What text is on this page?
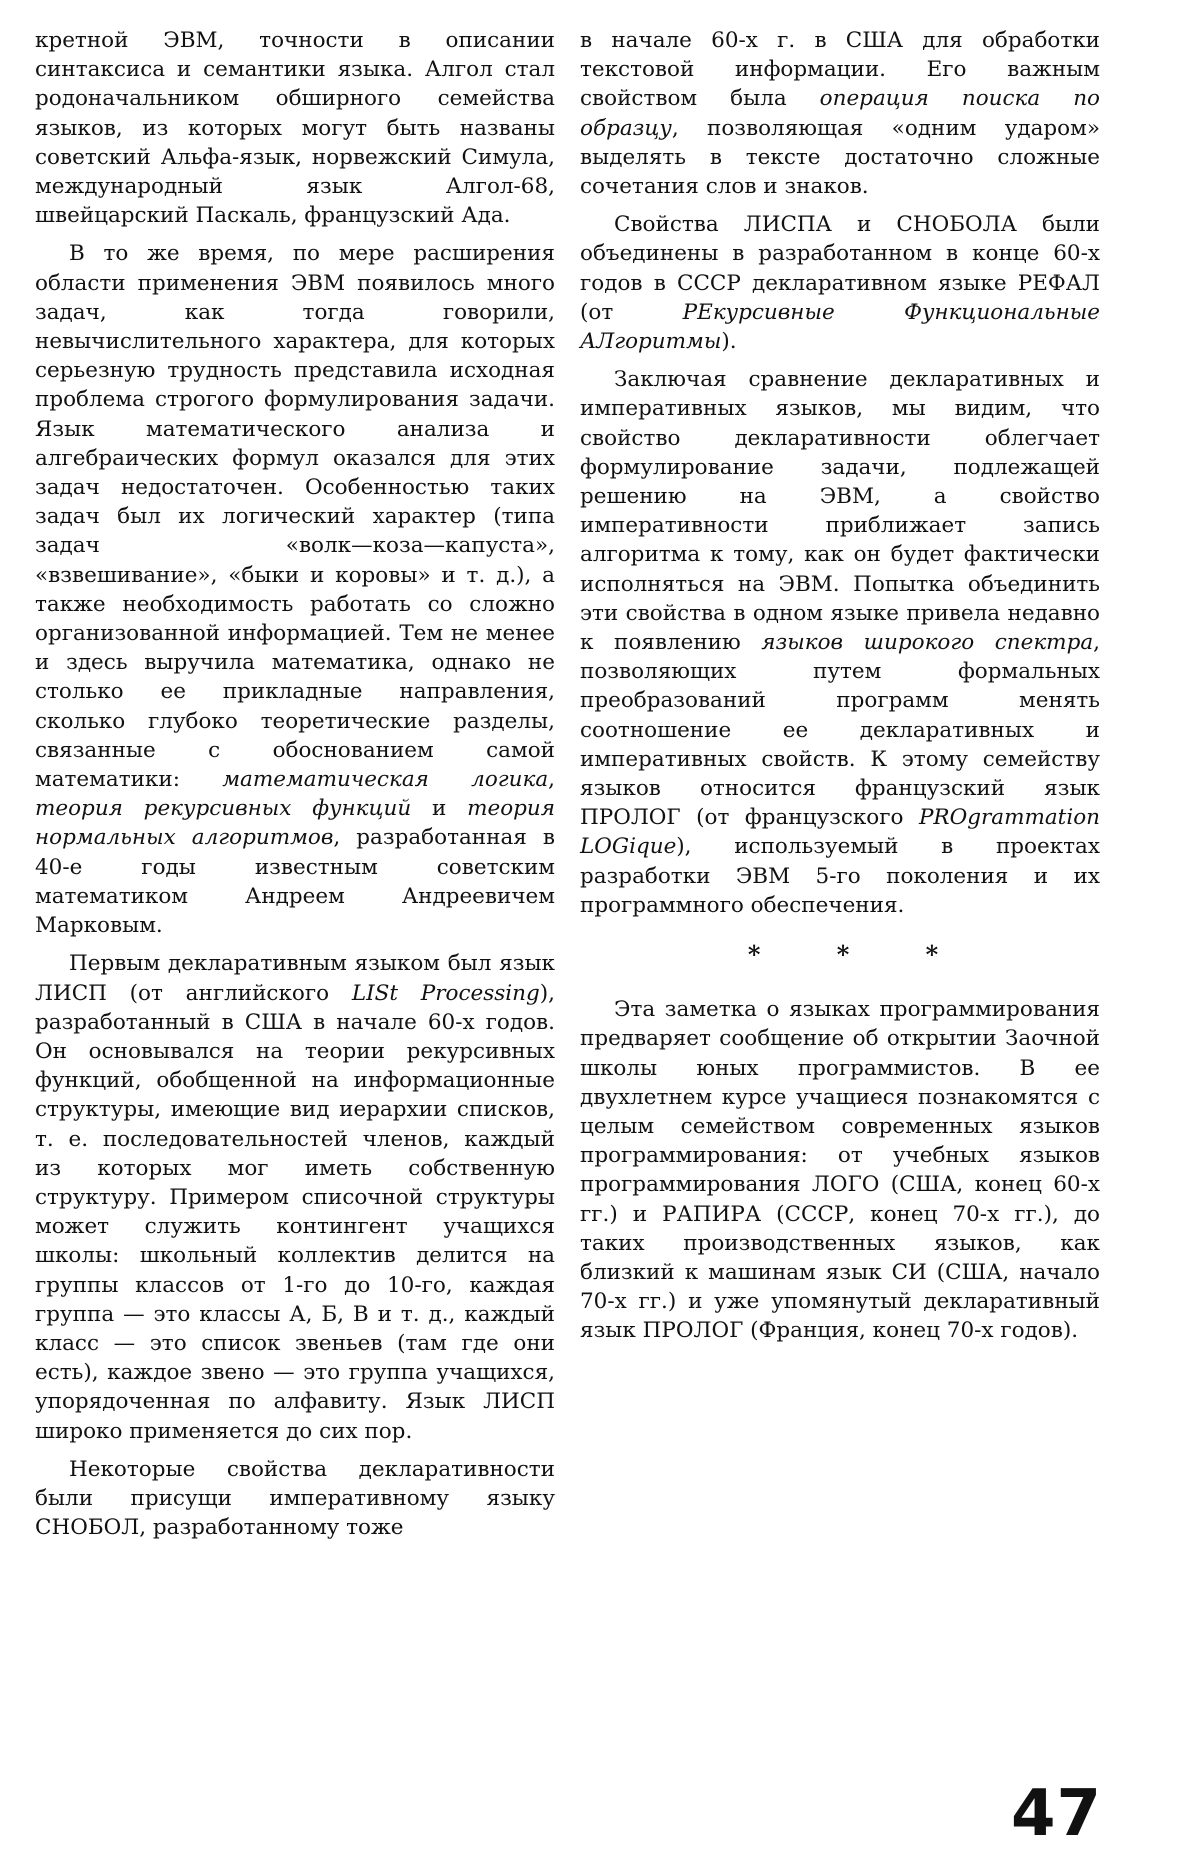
кретной ЭВМ, точности в описании синтаксиса и семантики языка. Алгол стал родоначальником обширного семейства языков, из которых могут быть названы советский Альфа-язык, норвежский Симула, международный язык Алгол-68, швейцарский Паскаль, французский Ада.

В то же время, по мере расширения области применения ЭВМ появилось много задач, как тогда говорили, невычислительного характера, для которых серьезную трудность представила исходная проблема строгого формулирования задачи. Язык математического анализа и алгебраических формул оказался для этих задач недостаточен. Особенностью таких задач был их логический характер (типа задач «волк—коза—капуста», «взвешивание», «быки и коровы» и т. д.), а также необходимость работать со сложно организованной информацией. Тем не менее и здесь выручила математика, однако не столько ее прикладные направления, сколько глубоко теоретические разделы, связанные с обоснованием самой математики: математическая логика, теория рекурсивных функций и теория нормальных алгоритмов, разработанная в 40-е годы известным советским математиком Андреем Андреевичем Марковым.

Первым декларативным языком был язык ЛИСП (от английского LISt Processing), разработанный в США в начале 60-х годов. Он основывался на теории рекурсивных функций, обобщенной на информационные структуры, имеющие вид иерархии списков, т. е. последовательностей членов, каждый из которых мог иметь собственную структуру. Примером списочной структуры может служить контингент учащихся школы: школьный коллектив делится на группы классов от 1-го до 10-го, каждая группа — это классы А, Б, В и т. д., каждый класс — это список звеньев (там где они есть), каждое звено — это группа учащихся, упорядоченная по алфавиту. Язык ЛИСП широко применяется до сих пор.

Некоторые свойства декларативности были присущи императивному языку СНОБОЛ, разработанному тоже

в начале 60-х г. в США для обработки текстовой информации. Его важным свойством была операция поиска по образцу, позволяющая «одним ударом» выделять в тексте достаточно сложные сочетания слов и знаков.

Свойства ЛИСПА и СНОБОЛА были объединены в разработанном в конце 60-х годов в СССР декларативном языке РЕФАЛ (от РЕкурсивные Функциональные АЛгоритмы).

Заключая сравнение декларативных и императивных языков, мы видим, что свойство декларативности облегчает формулирование задачи, подлежащей решению на ЭВМ, а свойство императивности приближает запись алгоритма к тому, как он будет фактически исполняться на ЭВМ. Попытка объединить эти свойства в одном языке привела недавно к появлению языков широкого спектра, позволяющих путем формальных преобразований программ менять соотношение ее декларативных и императивных свойств. К этому семейству языков относится французский язык ПРОЛОГ (от французского PROgrammation LOGique), используемый в проектах разработки ЭВМ 5-го поколения и их программного обеспечения.

* * *

Эта заметка о языках программирования предваряет сообщение об открытии Заочной школы юных программистов. В ее двухлетнем курсе учащиеся познакомятся с целым семейством современных языков программирования: от учебных языков программирования ЛОГО (США, конец 60-х гг.) и РАПИРА (СССР, конец 70-х гг.), до таких производственных языков, как близкий к машинам язык СИ (США, начало 70-х гг.) и уже упомянутый декларативный язык ПРОЛОГ (Франция, конец 70-х годов).

47
